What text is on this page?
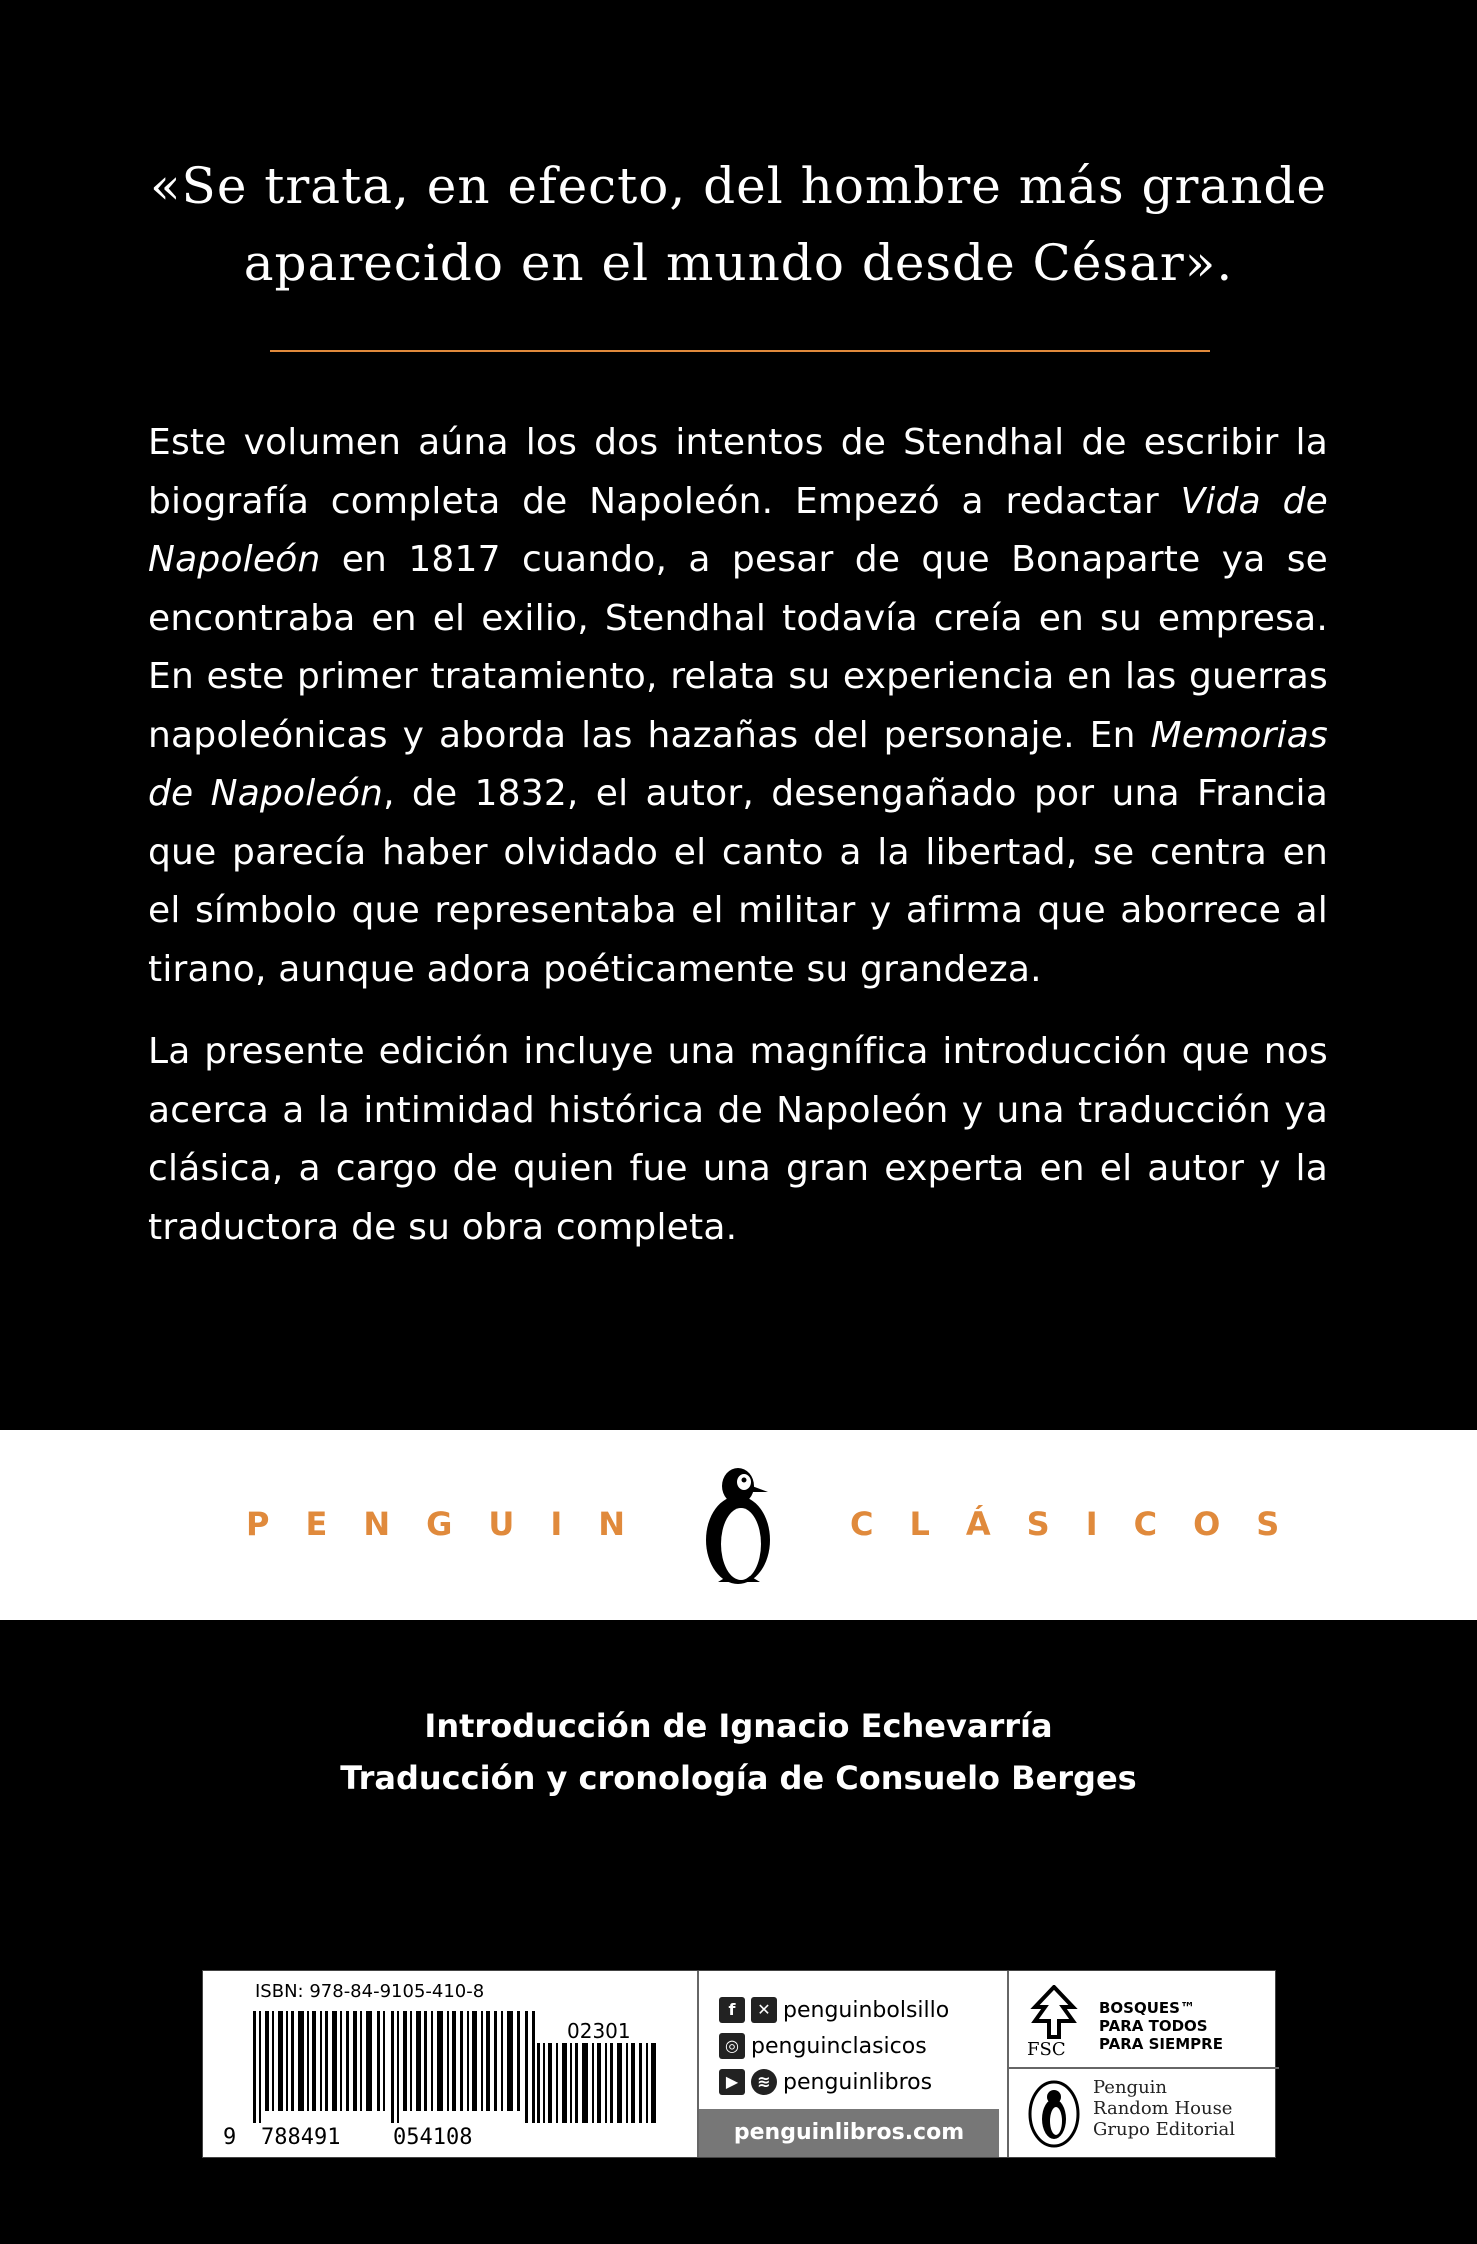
«Se trata, en efecto, del hombre más grande
aparecido en el mundo desde César».

Este volumen aúna los dos intentos de Stendhal de escribir la biografía completa de Napoleón. Empezó a redactar Vida de Napoleón en 1817 cuando, a pesar de que Bonaparte ya se encontraba en el exilio, Stendhal todavía creía en su empresa. En este primer tratamiento, relata su experiencia en las guerras napoleónicas y aborda las hazañas del personaje. En Memorias de Napoleón, de 1832, el autor, desengañado por una Francia que parecía haber olvidado el canto a la libertad, se centra en el símbolo que representaba el militar y afirma que aborrece al tirano, aunque adora poéticamente su grandeza.

La presente edición incluye una magnífica introducción que nos acerca a la intimidad histórica de Napoleón y una traducción ya clásica, a cargo de quien fue una gran experta en el autor y la traductora de su obra completa.

PENGUIN	CLÁSICOS
Introducción de Ignacio Echevarría
Traducción y cronología de Consuelo Berges
ISBN: 978-84-9105-410-8
02301
9 788491 054108
f	✕ penguinbolsillo
◎ penguinclasicos
▶	≋ penguinlibros
penguinlibros.com
FSC
BOSQUES™
PARA TODOS
PARA SIEMPRE
Penguin
Random House
Grupo Editorial
